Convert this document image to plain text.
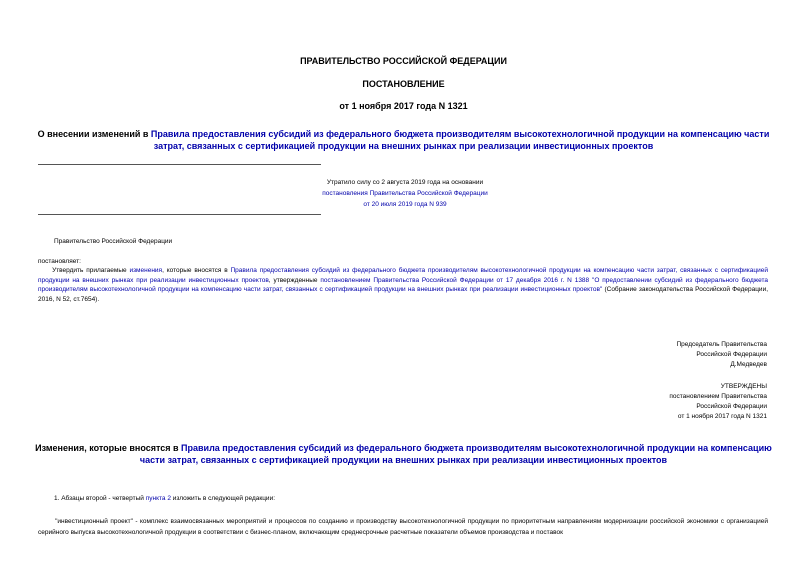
ПРАВИТЕЛЬСТВО РОССИЙСКОЙ ФЕДЕРАЦИИ
ПОСТАНОВЛЕНИЕ
от 1 ноября 2017 года N 1321
О внесении изменений в Правила предоставления субсидий из федерального бюджета производителям высокотехнологичной продукции на компенсацию части затрат, связанных с сертификацией продукции на внешних рынках при реализации инвестиционных проектов
Утратило силу со 2 августа 2019 года на основании
постановления Правительства Российской Федерации
от 20 июля 2019 года N 939
Правительство Российской Федерации
постановляет:
Утвердить прилагаемые изменения, которые вносятся в Правила предоставления субсидий из федерального бюджета производителям высокотехнологичной продукции на компенсацию части затрат, связанных с сертификацией продукции на внешних рынках при реализации инвестиционных проектов, утвержденные постановлением Правительства Российской Федерации от 17 декабря 2016 г. N 1388 "О предоставлении субсидий из федерального бюджета производителям высокотехнологичной продукции на компенсацию части затрат, связанных с сертификацией продукции на внешних рынках при реализации инвестиционных проектов" (Собрание законодательства Российской Федерации, 2016, N 52, ст.7654).
Председатель Правительства
Российской Федерации
Д.Медведев
УТВЕРЖДЕНЫ
постановлением Правительства
Российской Федерации
от 1 ноября 2017 года N 1321
Изменения, которые вносятся в Правила предоставления субсидий из федерального бюджета производителям высокотехнологичной продукции на компенсацию части затрат, связанных с сертификацией продукции на внешних рынках при реализации инвестиционных проектов
1. Абзацы второй - четвертый пункта 2 изложить в следующей редакции:
"инвестиционный проект" - комплекс взаимосвязанных мероприятий и процессов по созданию и производству высокотехнологичной продукции по приоритетным направлениям модернизации российской экономики с организацией серийного выпуска высокотехнологичной продукции в соответствии с бизнес-планом, включающим среднесрочные расчетные показатели объемов производства и поставок
